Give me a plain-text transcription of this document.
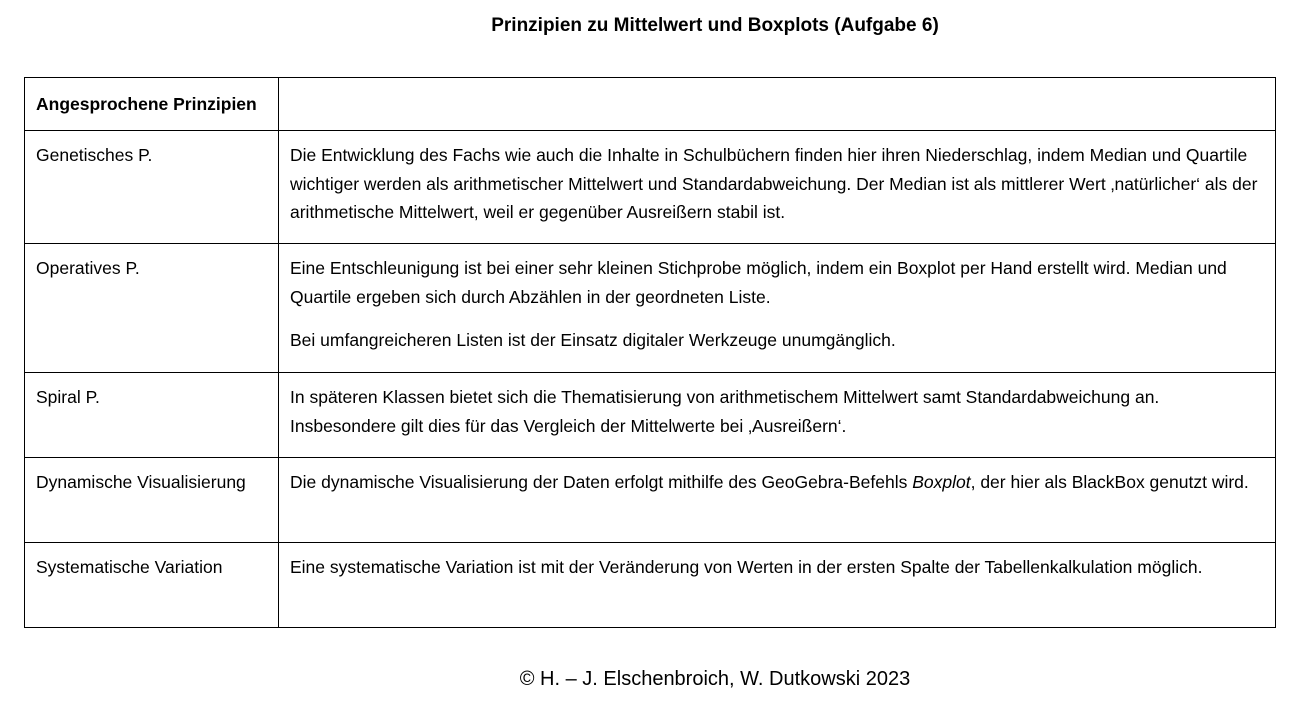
Prinzipien zu Mittelwert und Boxplots (Aufgabe 6)
Angesprochene Prinzipien	
Genetisches P.	Die Entwicklung des Fachs wie auch die Inhalte in Schulbüchern finden hier ihren Niederschlag, indem Median und Quartile wichtiger werden als arithmetischer Mittelwert und Standardabweichung. Der Median ist als mittlerer Wert ‚natürlicher‘ als der arithmetische Mittelwert, weil er gegenüber Ausreißern stabil ist.

Operatives P.	Eine Entschleunigung ist bei einer sehr kleinen Stichprobe möglich, indem ein Boxplot per Hand erstellt wird. Median und Quartile ergeben sich durch Abzählen in der geordneten Liste.

Bei umfangreicheren Listen ist der Einsatz digitaler Werkzeuge unumgänglich.

Spiral P.	In späteren Klassen bietet sich die Thematisierung von arithmetischem Mittelwert samt Standardabweichung an. Insbesondere gilt dies für das Vergleich der Mittelwerte bei ‚Ausreißern‘.

Dynamische Visualisierung	Die dynamische Visualisierung der Daten erfolgt mithilfe des GeoGebra-Befehls Boxplot, der hier als BlackBox genutzt wird.

Systematische Variation	Eine systematische Variation ist mit der Veränderung von Werten in der ersten Spalte der Tabellenkalkulation möglich.

© H. – J. Elschenbroich, W. Dutkowski 2023
